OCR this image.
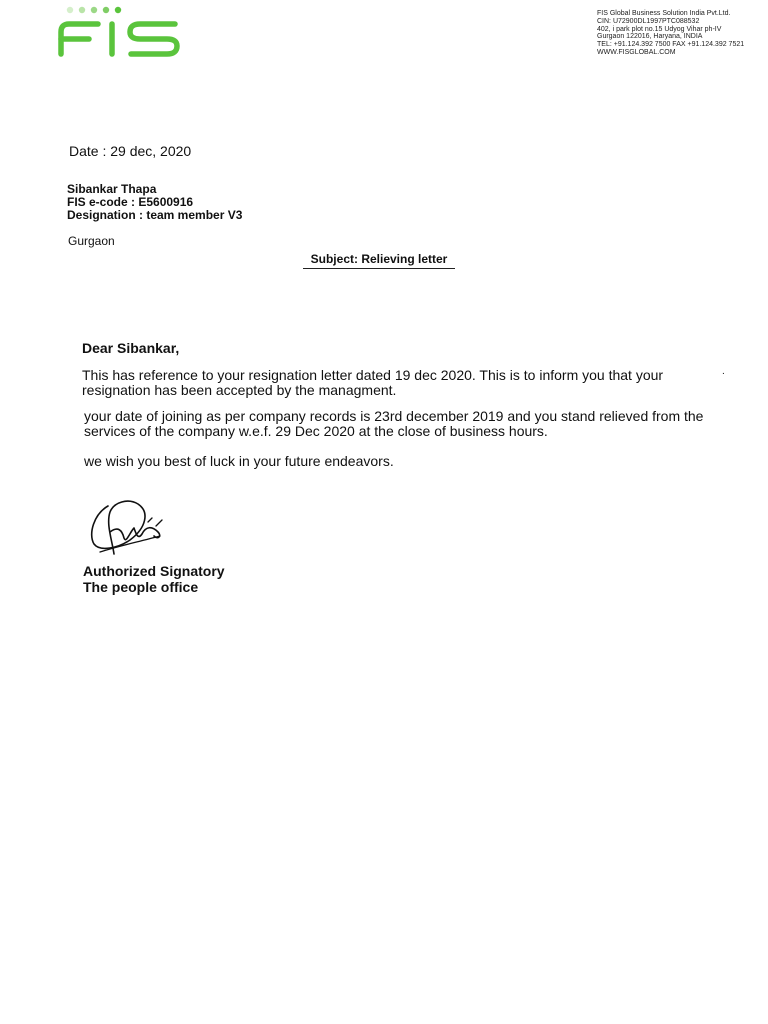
FIS Global Business Solution India Pvt.Ltd.
CIN: U72900DL1997PTC088532
402, i park plot no.15 Udyog Vihar ph-IV
Gurgaon 122016, Haryana, INDIA
TEL: +91.124.392 7500 FAX +91.124.392 7521
WWW.FISGLOBAL.COM
Date : 29 dec, 2020
Sibankar Thapa
FIS e-code : E5600916
Designation : team member V3
Gurgaon
Subject: Relieving letter
Dear Sibankar,
This has reference to your resignation letter dated 19 dec 2020. This is to inform you that your resignation has been accepted by the managment.
.
your date of joining as per company records is 23rd december 2019 and you stand relieved from the services of the company w.e.f. 29 Dec 2020 at the close of business hours.
we wish you best of luck in your future endeavors.
Authorized Signatory
The people office
